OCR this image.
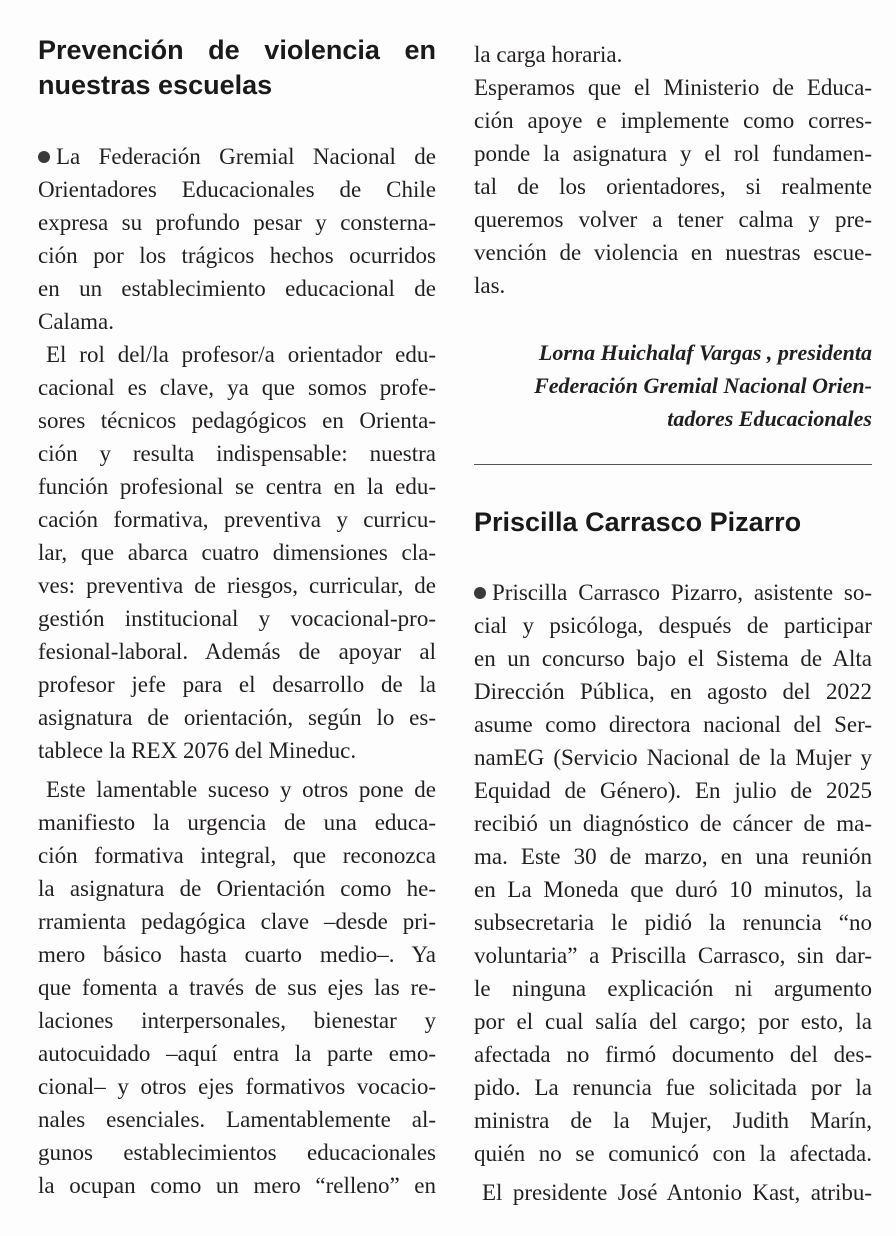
Prevención de violencia en
nuestras escuelas
La Federación Gremial Nacional de
Orientadores Educacionales de Chile
expresa su profundo pesar y consterna-
ción por los trágicos hechos ocurridos
en un establecimiento educacional de
Calama.
El rol del/la profesor/a orientador edu-
cacional es clave, ya que somos profe-
sores técnicos pedagógicos en Orienta-
ción y resulta indispensable: nuestra
función profesional se centra en la edu-
cación formativa, preventiva y curricu-
lar, que abarca cuatro dimensiones cla-
ves: preventiva de riesgos, curricular, de
gestión institucional y vocacional-pro-
fesional-laboral. Además de apoyar al
profesor jefe para el desarrollo de la
asignatura de orientación, según lo es-
tablece la REX 2076 del Mineduc.
Este lamentable suceso y otros pone de
manifiesto la urgencia de una educa-
ción formativa integral, que reconozca
la asignatura de Orientación como he-
rramienta pedagógica clave –desde pri-
mero básico hasta cuarto medio–. Ya
que fomenta a través de sus ejes las re-
laciones interpersonales, bienestar y
autocuidado –aquí entra la parte emo-
cional– y otros ejes formativos vocacio-
nales esenciales. Lamentablemente al-
gunos establecimientos educacionales
la ocupan como un mero “relleno” en
la carga horaria.
Esperamos que el Ministerio de Educa-
ción apoye e implemente como corres-
ponde la asignatura y el rol fundamen-
tal de los orientadores, si realmente
queremos volver a tener calma y pre-
vención de violencia en nuestras escue-
las.
Lorna Huichalaf Vargas , presidenta
Federación Gremial Nacional Orien-
tadores Educacionales
Priscilla Carrasco Pizarro
Priscilla Carrasco Pizarro, asistente so-
cial y psicóloga, después de participar
en un concurso bajo el Sistema de Alta
Dirección Pública, en agosto del 2022
asume como directora nacional del Ser-
namEG (Servicio Nacional de la Mujer y
Equidad de Género). En julio de 2025
recibió un diagnóstico de cáncer de ma-
ma. Este 30 de marzo, en una reunión
en La Moneda que duró 10 minutos, la
subsecretaria le pidió la renuncia “no
voluntaria” a Priscilla Carrasco, sin dar-
le ninguna explicación ni argumento
por el cual salía del cargo; por esto, la
afectada no firmó documento del des-
pido. La renuncia fue solicitada por la
ministra de la Mujer, Judith Marín,
quién no se comunicó con la afectada.
El presidente José Antonio Kast, atribu-
